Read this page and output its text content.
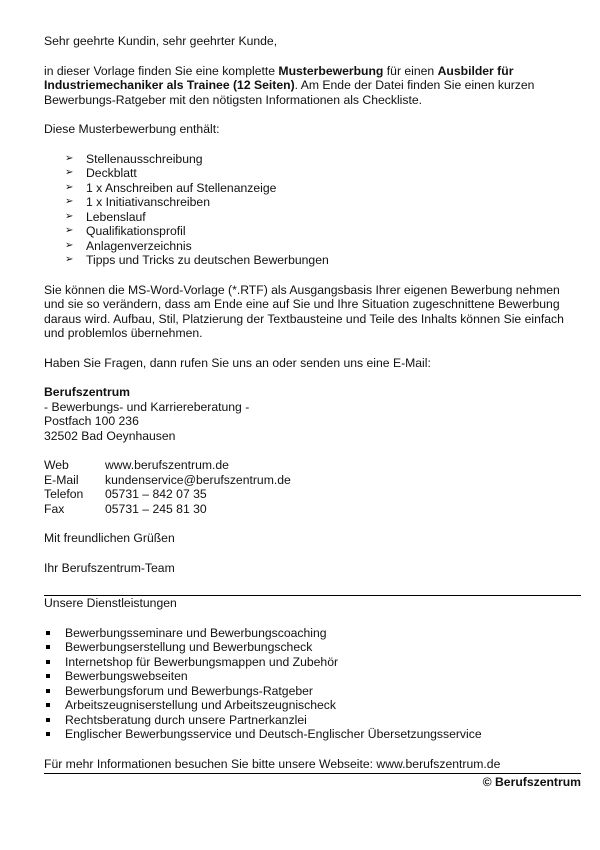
Sehr geehrte Kundin, sehr geehrter Kunde,

in dieser Vorlage finden Sie eine komplette Musterbewerbung für einen Ausbilder für Industriemechaniker als Trainee (12 Seiten). Am Ende der Datei finden Sie einen kurzen Bewerbungs-Ratgeber mit den nötigsten Informationen als Checkliste.

Diese Musterbewerbung enthält:

➢ Stellenausschreibung
➢ Deckblatt
➢ 1 x Anschreiben auf Stellenanzeige
➢ 1 x Initiativanschreiben
➢ Lebenslauf
➢ Qualifikationsprofil
➢ Anlagenverzeichnis
➢ Tipps und Tricks zu deutschen Bewerbungen

Sie können die MS-Word-Vorlage (*.RTF) als Ausgangsbasis Ihrer eigenen Bewerbung nehmen und sie so verändern, dass am Ende eine auf Sie und Ihre Situation zugeschnittene Bewerbung daraus wird. Aufbau, Stil, Platzierung der Textbausteine und Teile des Inhalts können Sie einfach und problemlos übernehmen.

Haben Sie Fragen, dann rufen Sie uns an oder senden uns eine E-Mail:

Berufszentrum

- Bewerbungs- und Karriereberatung -

Postfach 100 236

32502 Bad Oeynhausen

Web	www.berufszentrum.de
E-Mail	kundenservice@berufszentrum.de
Telefon	05731 – 842 07 35
Fax	05731 – 245 81 30

Mit freundlichen Grüßen

Ihr Berufszentrum-Team

Unsere Dienstleistungen

Bewerbungsseminare und Bewerbungscoaching
Bewerbungserstellung und Bewerbungscheck
Internetshop für Bewerbungsmappen und Zubehör
Bewerbungswebseiten
Bewerbungsforum und Bewerbungs-Ratgeber
Arbeitszeugniserstellung und Arbeitszeugnischeck
Rechtsberatung durch unsere Partnerkanzlei
Englischer Bewerbungsservice und Deutsch-Englischer Übersetzungsservice

Für mehr Informationen besuchen Sie bitte unsere Webseite: www.berufszentrum.de

© Berufszentrum
